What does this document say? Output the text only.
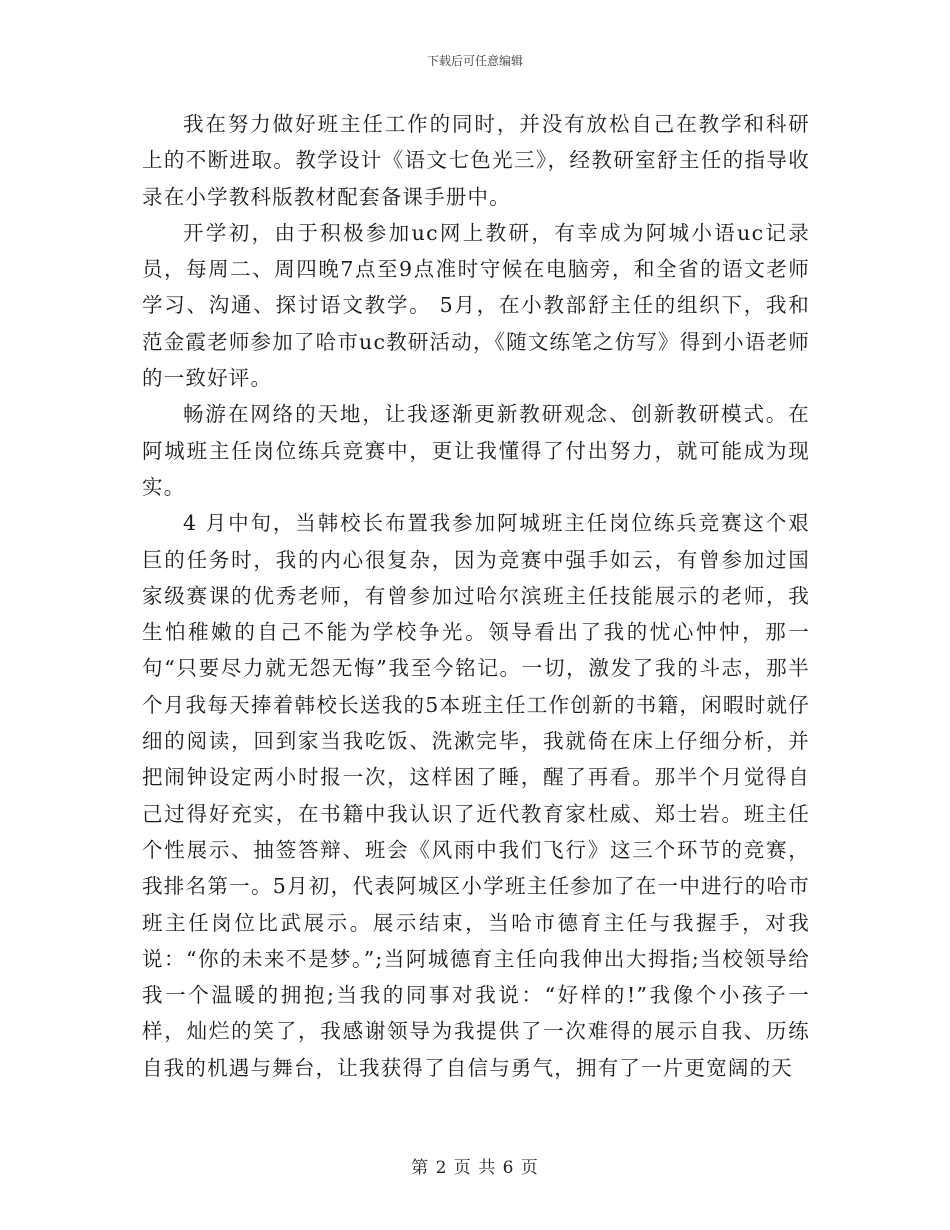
下载后可任意编辑

我在努力做好班主任工作的同时，并没有放松自己在教学和科研上的不断进取。教学设计《语文七色光三》，经教研室舒主任的指导收录在小学教科版教材配套备课手册中。

开学初，由于积极参加uc网上教研，有幸成为阿城小语uc记录员，每周二、周四晚7点至9点准时守候在电脑旁，和全省的语文老师学习、沟通、探讨语文教学。 5月，在小教部舒主任的组织下，我和范金霞老师参加了哈市uc教研活动，《随文练笔之仿写》得到小语老师的一致好评。

畅游在网络的天地，让我逐渐更新教研观念、创新教研模式。在阿城班主任岗位练兵竞赛中，更让我懂得了付出努力，就可能成为现实。

4 月中旬，当韩校长布置我参加阿城班主任岗位练兵竞赛这个艰巨的任务时，我的内心很复杂，因为竞赛中强手如云，有曾参加过国家级赛课的优秀老师，有曾参加过哈尔滨班主任技能展示的老师，我生怕稚嫩的自己不能为学校争光。领导看出了我的忧心忡忡，那一句“只要尽力就无怨无悔”我至今铭记。一切，激发了我的斗志，那半个月我每天捧着韩校长送我的5本班主任工作创新的书籍，闲暇时就仔细的阅读，回到家当我吃饭、洗漱完毕，我就倚在床上仔细分析，并把闹钟设定两小时报一次，这样困了睡，醒了再看。那半个月觉得自己过得好充实，在书籍中我认识了近代教育家杜威、郑士岩。班主任个性展示、抽签答辩、班会《风雨中我们飞行》这三个环节的竞赛，我排名第一。5月初，代表阿城区小学班主任参加了在一中进行的哈市班主任岗位比武展示。展示结束，当哈市德育主任与我握手，对我说：“你的未来不是梦。”;当阿城德育主任向我伸出大拇指;当校领导给我一个温暖的拥抱;当我的同事对我说：“好样的!”我像个小孩子一样，灿烂的笑了，我感谢领导为我提供了一次难得的展示自我、历练自我的机遇与舞台，让我获得了自信与勇气，拥有了一片更宽阔的天

第 2 页 共 6 页
